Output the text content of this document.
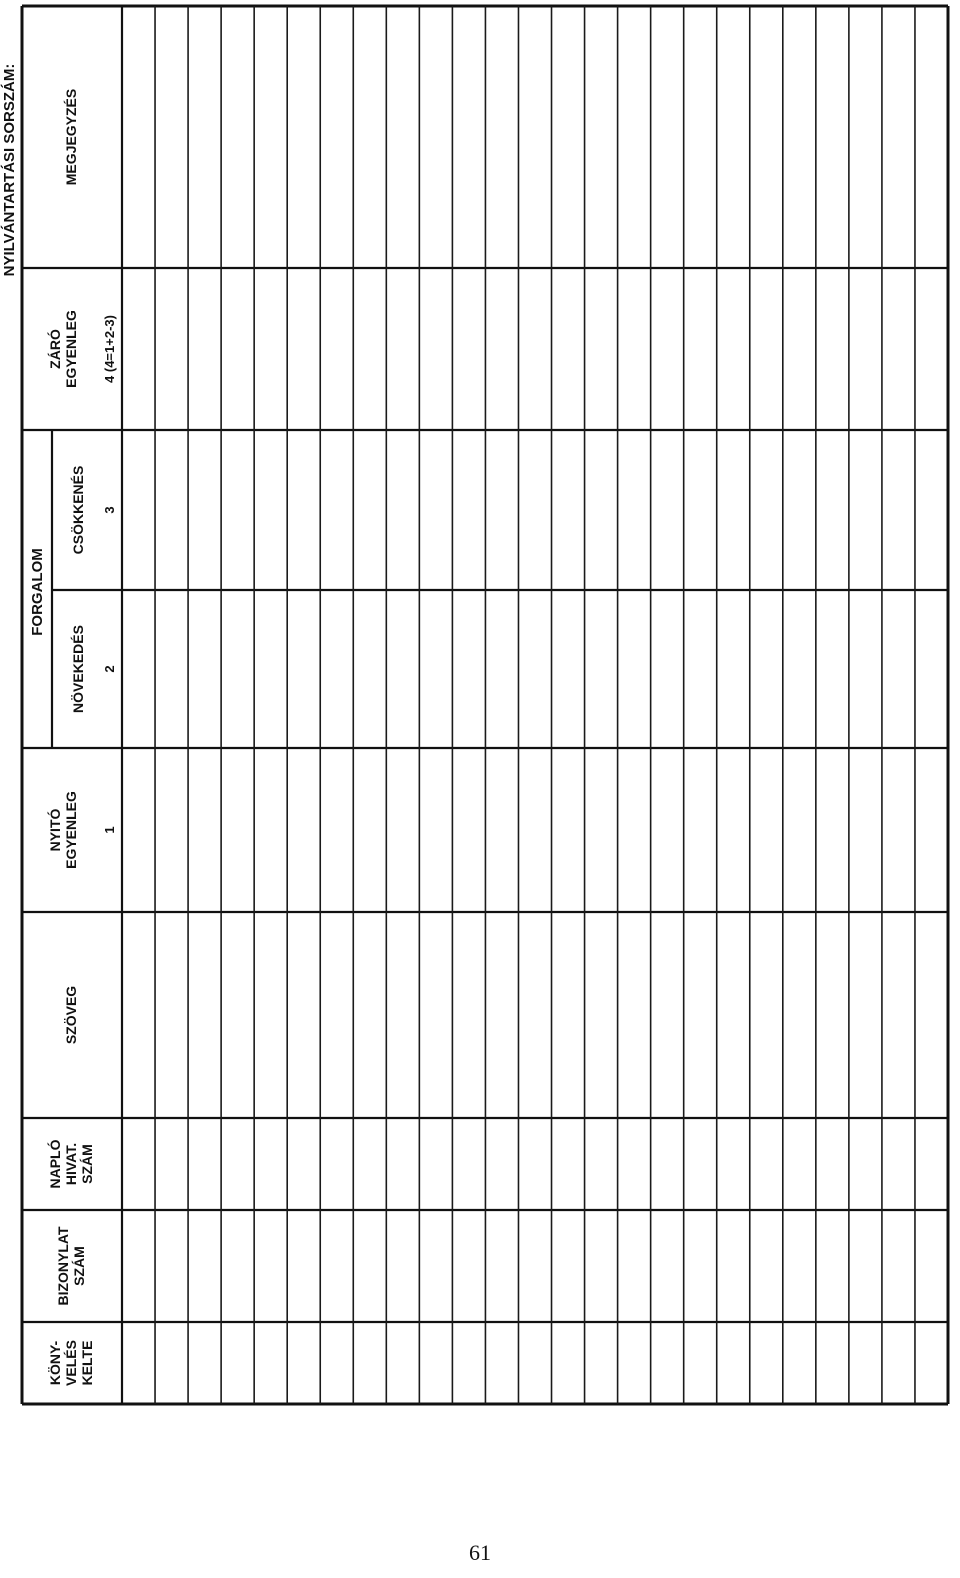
NYILVÁNTARTÁSI SORSZÁM:
FORGALOM
KÖNY- VELÉS KELTE
BIZONYLAT SZÁM
NAPLÓ HIVAT. SZÁM
SZÖVEG
NYITÓ EGYENLEG 1
NÖVEKEDÉS 2
CSÖKKENÉS 3
ZÁRÓ EGYENLEG 4 (4=1+2-3)
MEGJEGYZÉS
61
